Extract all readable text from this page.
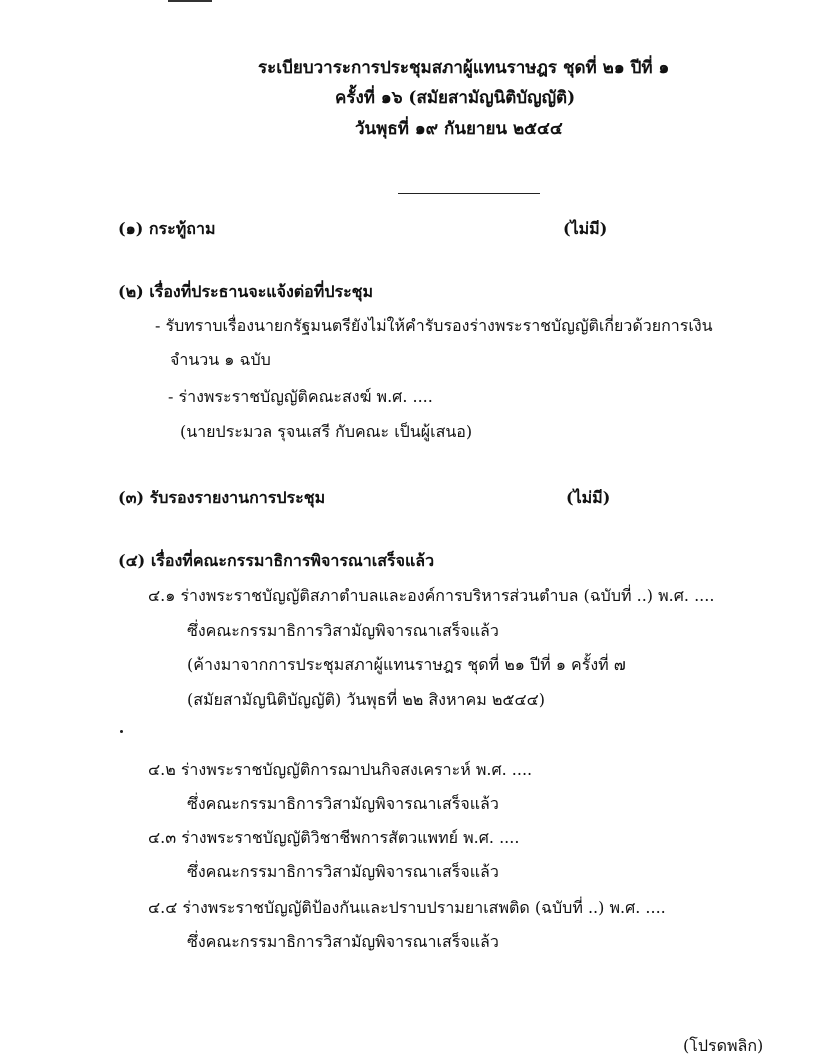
ระเบียบวาระการประชุมสภาผู้แทนราษฎร ชุดที่ ๒๑ ปีที่ ๑
ครั้งที่ ๑๖ (สมัยสามัญนิติบัญญัติ)
วันพุธที่ ๑๙ กันยายน ๒๕๔๔
(๑) กระทู้ถาม	(ไม่มี)
(๒) เรื่องที่ประธานจะแจ้งต่อที่ประชุม
- รับทราบเรื่องนายกรัฐมนตรียังไม่ให้คำรับรองร่างพระราชบัญญัติเกี่ยวด้วยการเงิน
จำนวน ๑ ฉบับ
- ร่างพระราชบัญญัติคณะสงฆ์ พ.ศ. ....
(นายประมวล รุจนเสรี กับคณะ เป็นผู้เสนอ)
(๓) รับรองรายงานการประชุม	(ไม่มี)
(๔) เรื่องที่คณะกรรมาธิการพิจารณาเสร็จแล้ว
๔.๑ ร่างพระราชบัญญัติสภาตำบลและองค์การบริหารส่วนตำบล (ฉบับที่ ..) พ.ศ. ....
ซึ่งคณะกรรมาธิการวิสามัญพิจารณาเสร็จแล้ว
(ค้างมาจากการประชุมสภาผู้แทนราษฎร ชุดที่ ๒๑ ปีที่ ๑ ครั้งที่ ๗
(สมัยสามัญนิติบัญญัติ) วันพุธที่ ๒๒ สิงหาคม ๒๕๔๔)
๔.๒ ร่างพระราชบัญญัติการฌาปนกิจสงเคราะห์ พ.ศ. ....
ซึ่งคณะกรรมาธิการวิสามัญพิจารณาเสร็จแล้ว
๔.๓ ร่างพระราชบัญญัติวิชาชีพการสัตวแพทย์ พ.ศ. ....
ซึ่งคณะกรรมาธิการวิสามัญพิจารณาเสร็จแล้ว
๔.๔ ร่างพระราชบัญญัติป้องกันและปราบปรามยาเสพติด (ฉบับที่ ..) พ.ศ. ....
ซึ่งคณะกรรมาธิการวิสามัญพิจารณาเสร็จแล้ว
(โปรดพลิก)
